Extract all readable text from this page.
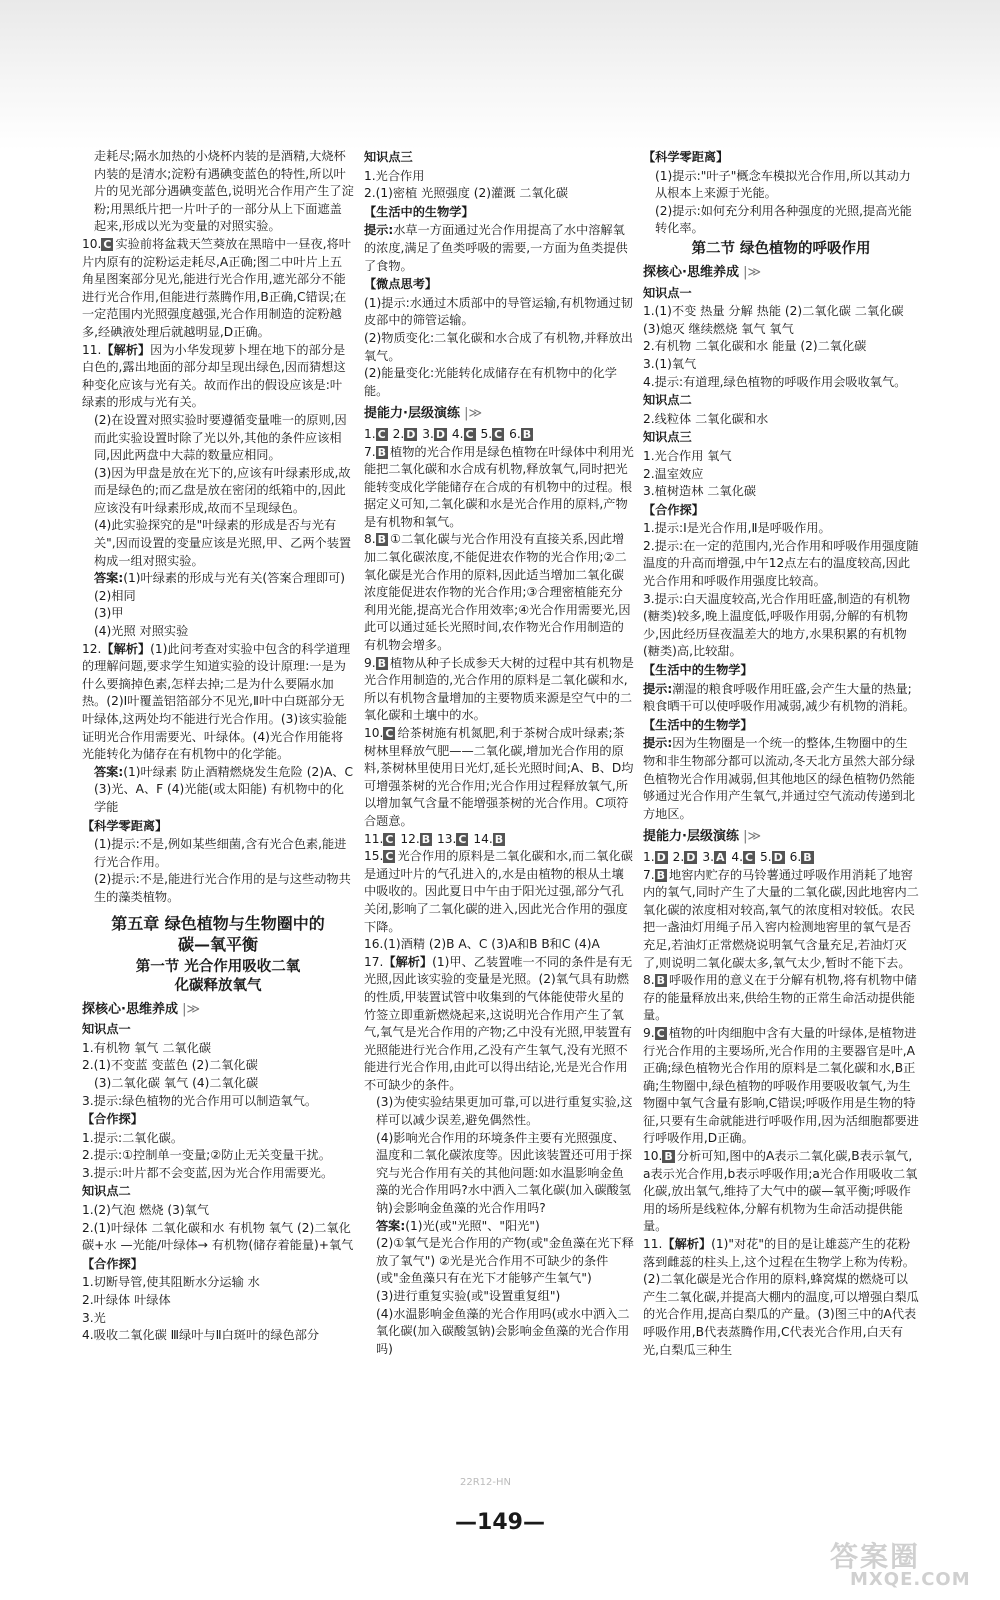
走耗尽;隔水加热的小烧杯内装的是酒精,大烧杯内装的是清水;淀粉有遇碘变蓝色的特性,所以叶片的见光部分遇碘变蓝色,说明光合作用产生了淀粉;用黑纸片把一片叶子的一部分从上下面遮盖起来,形成以光为变量的对照实验。
10. C 实验前将盆栽天竺葵放在黑暗中一昼夜,将叶片内原有的淀粉运走耗尽,A正确;图二中叶片上五角星图案部分见光,能进行光合作用,遮光部分不能进行光合作用,但能进行蒸腾作用,B正确,C错误;在一定范围内光照强度越强,光合作用制造的淀粉越多,经碘液处理后就越明显,D正确。
11.【解析】因为小华发现萝卜埋在地下的部分是白色的,露出地面的部分却呈现出绿色,因而猜想这种变化应该与光有关。故而作出的假设应该是:叶绿素的形成与光有关。
(2)在设置对照实验时要遵循变量唯一的原则,因而此实验设置时除了光以外,其他的条件应该相同,因此两盘中大蒜的数量应相同。
(3)因为甲盘是放在光下的,应该有叶绿素形成,故而是绿色的;而乙盘是放在密闭的纸箱中的,因此应该没有叶绿素形成,故而不呈现绿色。
(4)此实验探究的是"叶绿素的形成是否与光有关",因而设置的变量应该是光照,甲、乙两个装置构成一组对照实验。
答案:(1)叶绿素的形成与光有关(答案合理即可)
(2)相同
(3)甲
(4)光照 对照实验
12.【解析】(1)此问考查对实验中包含的科学道理的理解问题,要求学生知道实验的设计原理:一是为什么要摘掉色素,怎样去掉;二是为什么要隔水加热。(2)Ⅰ叶覆盖铝箔部分不见光,Ⅱ叶中白斑部分无叶绿体,这两处均不能进行光合作用。(3)该实验能证明光合作用需要光、叶绿体。(4)光合作用能将光能转化为储存在有机物中的化学能。
答案:(1)叶绿素 防止酒精燃烧发生危险 (2)A、C (3)光、A、F (4)光能(或太阳能) 有机物中的化学能
【科学零距离】
(1)提示:不是,例如某些细菌,含有光合色素,能进行光合作用。
(2)提示:不是,能进行光合作用的是与这些动物共生的藻类植物。
第五章 绿色植物与生物圈中的
碳—氧平衡
第一节 光合作用吸收二氧
化碳释放氧气
探核心·思维养成 |≫
知识点一
1.有机物 氧气 二氧化碳
2.(1)不变蓝 变蓝色 (2)二氧化碳
(3)二氧化碳 氧气 (4)二氧化碳
3.提示:绿色植物的光合作用可以制造氧气。
【合作探】
1.提示:二氧化碳。
2.提示:①控制单一变量;②防止无关变量干扰。
3.提示:叶片都不会变蓝,因为光合作用需要光。
知识点二
1.(2)气泡 燃烧 (3)氧气
2.(1)叶绿体 二氧化碳和水 有机物 氧气 (2)二氧化碳+水 —光能/叶绿体→ 有机物(储存着能量)+氧气
【合作探】
1.切断导管,使其阻断水分运输 水
2.叶绿体 叶绿体
3.光
4.吸收二氧化碳 Ⅲ绿叶与Ⅱ白斑叶的绿色部分
知识点三
1.光合作用
2.(1)密植 光照强度 (2)灌溉 二氧化碳
【生活中的生物学】
提示:水草一方面通过光合作用提高了水中溶解氧的浓度,满足了鱼类呼吸的需要,一方面为鱼类提供了食物。
【微点思考】
(1)提示:水通过木质部中的导管运输,有机物通过韧皮部中的筛管运输。
(2)物质变化:二氧化碳和水合成了有机物,并释放出氧气。
(2)能量变化:光能转化成储存在有机物中的化学能。
提能力·层级演练 |≫
1. C 2. D 3. D 4. C 5. C 6. B
7. B 植物的光合作用是绿色植物在叶绿体中利用光能把二氧化碳和水合成有机物,释放氧气,同时把光能转变成化学能储存在合成的有机物中的过程。根据定义可知,二氧化碳和水是光合作用的原料,产物是有机物和氧气。
8. B ①二氧化碳与光合作用没有直接关系,因此增加二氧化碳浓度,不能促进农作物的光合作用;②二氧化碳是光合作用的原料,因此适当增加二氧化碳浓度能促进农作物的光合作用;③合理密植能充分利用光能,提高光合作用效率;④光合作用需要光,因此可以通过延长光照时间,农作物光合作用制造的有机物会增多。
9. B 植物从种子长成参天大树的过程中其有机物是光合作用制造的,光合作用的原料是二氧化碳和水,所以有机物含量增加的主要物质来源是空气中的二氧化碳和土壤中的水。
10. C 给茶树施有机氮肥,利于茶树合成叶绿素;茶树林里释放气肥——二氧化碳,增加光合作用的原料,茶树林里使用日光灯,延长光照时间;A、B、D均可增强茶树的光合作用;光合作用过程释放氧气,所以增加氧气含量不能增强茶树的光合作用。C项符合题意。
11. C 12. B 13. C 14. B
15. C 光合作用的原料是二氧化碳和水,而二氧化碳是通过叶片的气孔进入的,水是由植物的根从土壤中吸收的。因此夏日中午由于阳光过强,部分气孔关闭,影响了二氧化碳的进入,因此光合作用的强度下降。
16.(1)酒精 (2)B A、C (3)A和B B和C (4)A
17.【解析】(1)甲、乙装置唯一不同的条件是有无光照,因此该实验的变量是光照。(2)氧气具有助燃的性质,甲装置试管中收集到的气体能使带火星的竹签立即重新燃烧起来,这说明光合作用产生了氧气,氧气是光合作用的产物;乙中没有光照,甲装置有光照能进行光合作用,乙没有产生氧气,没有光照不能进行光合作用,由此可以得出结论,光是光合作用不可缺少的条件。
(3)为使实验结果更加可靠,可以进行重复实验,这样可以减少误差,避免偶然性。
(4)影响光合作用的环境条件主要有光照强度、温度和二氧化碳浓度等。因此该装置还可用于探究与光合作用有关的其他问题:如水温影响金鱼藻的光合作用吗?水中洒入二氧化碳(加入碳酸氢钠)会影响金鱼藻的光合作用吗?
答案:(1)光(或"光照"、"阳光")
(2)①氧气是光合作用的产物(或"金鱼藻在光下释放了氧气") ②光是光合作用不可缺少的条件(或"金鱼藻只有在光下才能够产生氧气")
(3)进行重复实验(或"设置重复组")
(4)水温影响金鱼藻的光合作用吗(或水中洒入二氧化碳(加入碳酸氢钠)会影响金鱼藻的光合作用吗)
【科学零距离】
(1)提示:"叶子"概念车模拟光合作用,所以其动力从根本上来源于光能。
(2)提示:如何充分利用各种强度的光照,提高光能转化率。
第二节 绿色植物的呼吸作用
探核心·思维养成 |≫
知识点一
1.(1)不变 热量 分解 热能 (2)二氧化碳 二氧化碳 (3)熄灭 继续燃烧 氧气 氧气
2.有机物 二氧化碳和水 能量 (2)二氧化碳
3.(1)氧气
4.提示:有道理,绿色植物的呼吸作用会吸收氧气。
知识点二
2.线粒体 二氧化碳和水
知识点三
1.光合作用 氧气
2.温室效应
3.植树造林 二氧化碳
【合作探】
1.提示:Ⅰ是光合作用,Ⅱ是呼吸作用。
2.提示:在一定的范围内,光合作用和呼吸作用强度随温度的升高而增强,中午12点左右的温度较高,因此光合作用和呼吸作用强度比较高。
3.提示:白天温度较高,光合作用旺盛,制造的有机物(糖类)较多,晚上温度低,呼吸作用弱,分解的有机物少,因此经历昼夜温差大的地方,水果积累的有机物(糖类)高,比较甜。
【生活中的生物学】
提示:潮湿的粮食呼吸作用旺盛,会产生大量的热量;粮食晒干可以使呼吸作用减弱,减少有机物的消耗。
【生活中的生物学】
提示:因为生物圈是一个统一的整体,生物圈中的生物和非生物部分都可以流动,冬天北方虽然大部分绿色植物光合作用减弱,但其他地区的绿色植物仍然能够通过光合作用产生氧气,并通过空气流动传递到北方地区。
提能力·层级演练 |≫
1. D 2. D 3. A 4. C 5. D 6. B
7. B 地窖内贮存的马铃薯通过呼吸作用消耗了地窖内的氧气,同时产生了大量的二氧化碳,因此地窖内二氧化碳的浓度相对较高,氧气的浓度相对较低。农民把一盏油灯用绳子吊入窖内检测地窖里的氧气是否充足,若油灯正常燃烧说明氧气含量充足,若油灯灭了,则说明二氧化碳太多,氧气太少,暂时不能下去。
8. B 呼吸作用的意义在于分解有机物,将有机物中储存的能量释放出来,供给生物的正常生命活动提供能量。
9. C 植物的叶肉细胞中含有大量的叶绿体,是植物进行光合作用的主要场所,光合作用的主要器官是叶,A正确;绿色植物光合作用的原料是二氧化碳和水,B正确;生物圈中,绿色植物的呼吸作用要吸收氧气,为生物圈中氧气含量有影响,C错误;呼吸作用是生物的特征,只要有生命就能进行呼吸作用,因为活细胞都要进行呼吸作用,D正确。
10. B 分析可知,图中的A表示二氧化碳,B表示氧气,a表示光合作用,b表示呼吸作用;a光合作用吸收二氧化碳,放出氧气,维持了大气中的碳—氧平衡;呼吸作用的场所是线粒体,分解有机物为生命活动提供能量。
11.【解析】(1)"对花"的目的是让雄蕊产生的花粉落到雌蕊的柱头上,这个过程在生物学上称为传粉。(2)二氧化碳是光合作用的原料,蜂窝煤的燃烧可以产生二氧化碳,并提高大棚内的温度,可以增强白梨瓜的光合作用,提高白梨瓜的产量。(3)图三中的A代表呼吸作用,B代表蒸腾作用,C代表光合作用,白天有光,白梨瓜三种生
22R12-HN
—149—
答案圈
MXQE.COM
